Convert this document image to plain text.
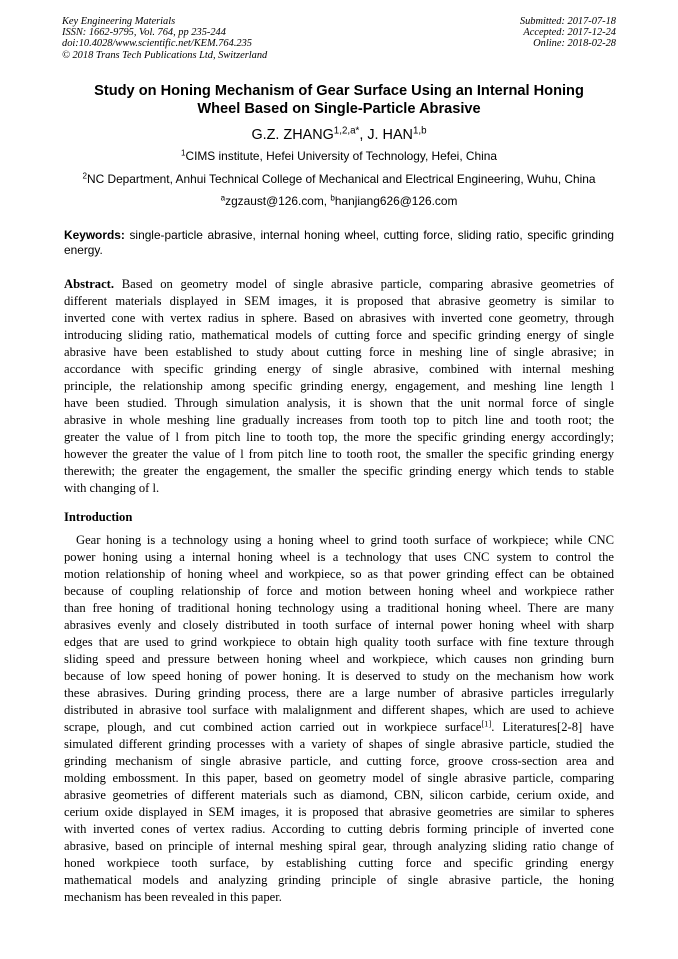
Key Engineering Materials
ISSN: 1662-9795, Vol. 764, pp 235-244
doi:10.4028/www.scientific.net/KEM.764.235
© 2018 Trans Tech Publications Ltd, Switzerland
Submitted: 2017-07-18
Accepted: 2017-12-24
Online: 2018-02-28
Study on Honing Mechanism of Gear Surface Using an Internal Honing
Wheel Based on Single-Particle Abrasive
G.Z. $ZHANG^{1,2,a*}$, J. HAN$^{1,b}$
$^1$CIMS institute, Hefei University of Technology, Hefei, China
$^2$NC Department, Anhui Technical College of Mechanical and Electrical Engineering, Wuhu, China
$^a$zgzaust@126.com, $^b$hanjiang626@126.com
Keywords: single-particle abrasive, internal honing wheel, cutting force, sliding ratio, specific grinding energy.
Abstract. Based on geometry model of single abrasive particle, comparing abrasive geometries of
different materials displayed in SEM images, it is proposed that abrasive geometry is similar to
inverted cone with vertex radius in sphere. Based on abrasives with inverted cone geometry, through
introducing sliding ratio, mathematical models of cutting force and specific grinding energy of single
abrasive have been established to study about cutting force in meshing line of single abrasive; in
accordance with specific grinding energy of single abrasive, combined with internal meshing
principle, the relationship among specific grinding energy, engagement, and meshing line length l
have been studied. Through simulation analysis, it is shown that the unit normal force of single
abrasive in whole meshing line gradually increases from tooth top to pitch line and tooth root; the
greater the value of l from pitch line to tooth top, the more the specific grinding energy accordingly;
however the greater the value of l from pitch line to tooth root, the smaller the specific grinding energy
therewith; the greater the engagement, the smaller the specific grinding energy which tends to stable
with changing of l.
Introduction
Gear honing is a technology using a honing wheel to grind tooth surface of workpiece; while CNC
power honing using a internal honing wheel is a technology that uses CNC system to control the
motion relationship of honing wheel and workpiece, so as that power grinding effect can be obtained
because of coupling relationship of force and motion between honing wheel and workpiece rather
than free honing of traditional honing technology using a traditional honing wheel. There are many
abrasives evenly and closely distributed in tooth surface of internal power honing wheel with sharp
edges that are used to grind workpiece to obtain high quality tooth surface with fine texture through
sliding speed and pressure between honing wheel and workpiece, which causes non grinding burn
because of low speed honing of power honing. It is deserved to study on the mechanism how work
these abrasives. During grinding process, there are a large number of abrasive particles irregularly
distributed in abrasive tool surface with malalignment and different shapes, which are used to achieve
scrape, plough, and cut combined action carried out in workpiece surface[1]. Literatures[2-8] have
simulated different grinding processes with a variety of shapes of single abrasive particle, studied the
grinding mechanism of single abrasive particle, and cutting force, groove cross-section area and
molding embossment. In this paper, based on geometry model of single abrasive particle, comparing
abrasive geometries of different materials such as diamond, CBN, silicon carbide, cerium oxide, and
cerium oxide displayed in SEM images, it is proposed that abrasive geometries are similar to spheres
with inverted cones of vertex radius. According to cutting debris forming principle of inverted cone
abrasive, based on principle of internal meshing spiral gear, through analyzing sliding ratio change of
honed workpiece tooth surface, by establishing cutting force and specific grinding energy
mathematical models and analyzing grinding principle of single abrasive particle, the honing
mechanism has been revealed in this paper.
